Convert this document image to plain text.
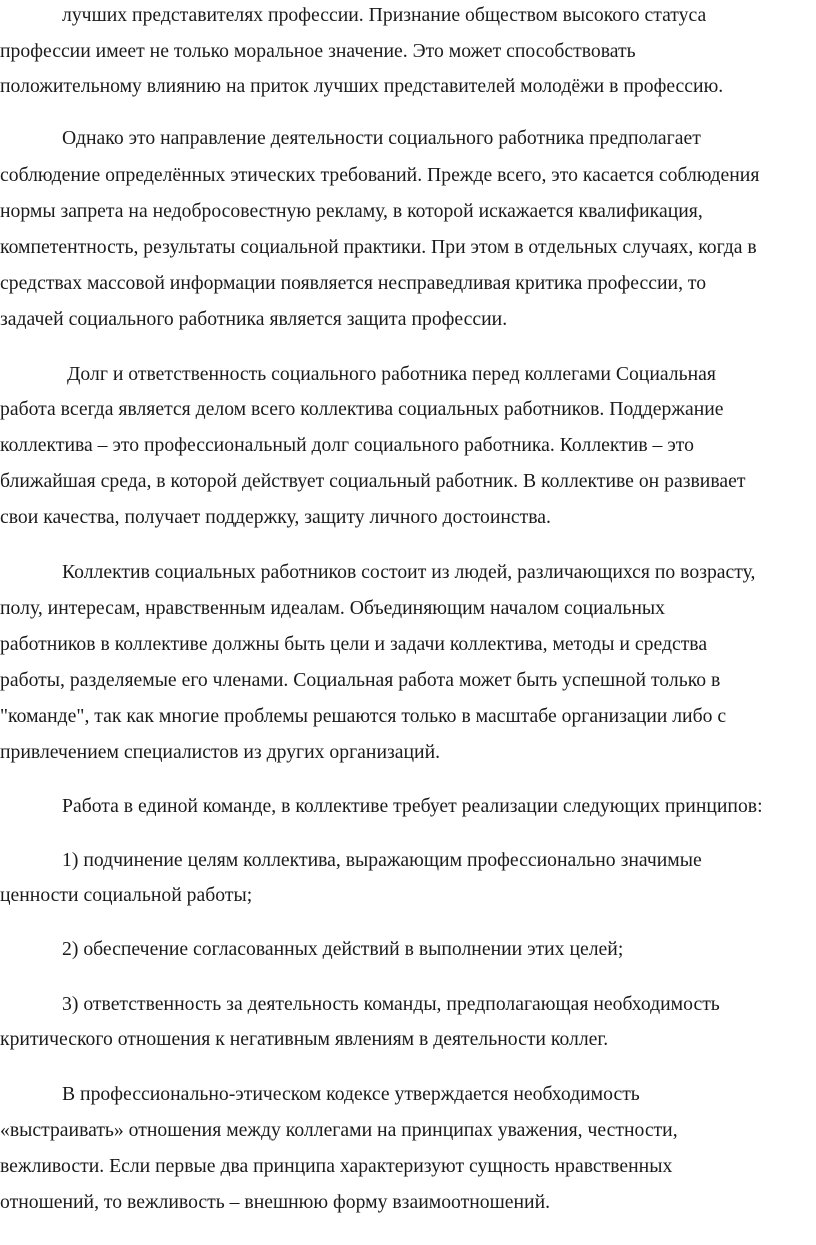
лучших представителях профессии. Признание обществом высокого статуса
профессии имеет не только моральное значение. Это может способствовать
положительному влиянию на приток лучших представителей молодёжи в профессию.
Однако это направление деятельности социального работника предполагает
соблюдение определённых этических требований. Прежде всего, это касается соблюдения
нормы запрета на недобросовестную рекламу, в которой искажается квалификация,
компетентность, результаты социальной практики. При этом в отдельных случаях, когда в
средствах массовой информации появляется несправедливая критика профессии, то
задачей социального работника является защита профессии.
Долг и ответственность социального работника перед коллегами Социальная
работа всегда является делом всего коллектива социальных работников. Поддержание
коллектива – это профессиональный долг социального работника. Коллектив – это
ближайшая среда, в которой действует социальный работник. В коллективе он развивает
свои качества, получает поддержку, защиту личного достоинства.
Коллектив социальных работников состоит из людей, различающихся по возрасту,
полу, интересам, нравственным идеалам. Объединяющим началом социальных
работников в коллективе должны быть цели и задачи коллектива, методы и средства
работы, разделяемые его членами. Социальная работа может быть успешной только в
"команде", так как многие проблемы решаются только в масштабе организации либо с
привлечением специалистов из других организаций.
Работа в единой команде, в коллективе требует реализации следующих принципов:
1) подчинение целям коллектива, выражающим профессионально значимые
ценности социальной работы;
2) обеспечение согласованных действий в выполнении этих целей;
3) ответственность за деятельность команды, предполагающая необходимость
критического отношения к негативным явлениям в деятельности коллег.
В профессионально-этическом кодексе утверждается необходимость
«выстраивать» отношения между коллегами на принципах уважения, честности,
вежливости. Если первые два принципа характеризуют сущность нравственных
отношений, то вежливость – внешнюю форму взаимоотношений.
